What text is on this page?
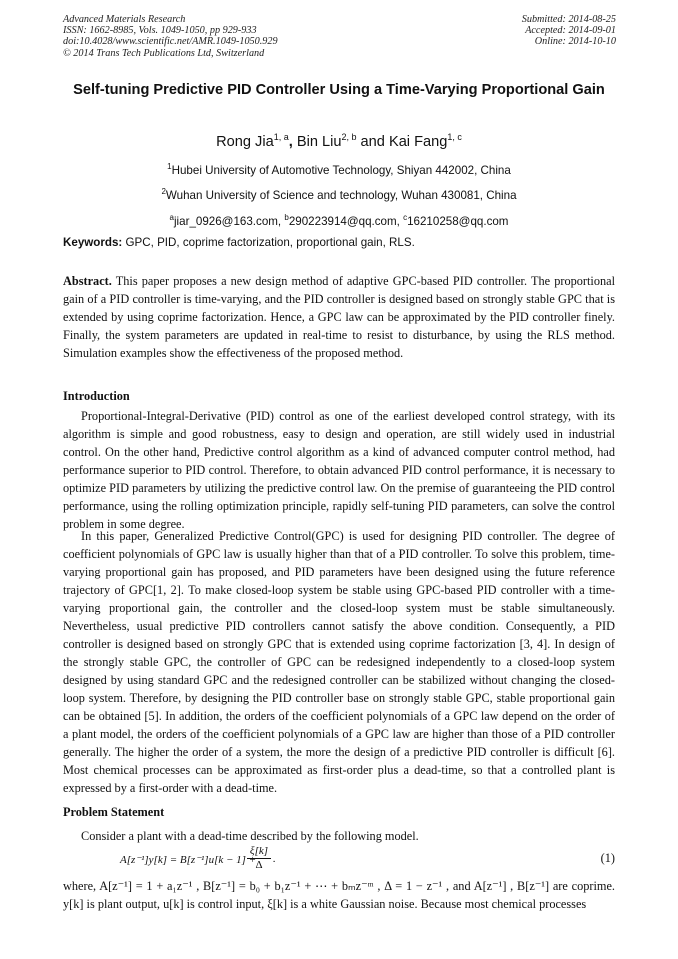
Advanced Materials Research
ISSN: 1662-8985, Vols. 1049-1050, pp 929-933
doi:10.4028/www.scientific.net/AMR.1049-1050.929
© 2014 Trans Tech Publications Ltd, Switzerland
Submitted: 2014-08-25
Accepted: 2014-09-01
Online: 2014-10-10
Self-tuning Predictive PID Controller Using a Time-Varying Proportional Gain
Rong Jia$^{1, a}$, Bin Liu$^{2, b}$ and Kai Fang$^{1, c}$
$^1$Hubei University of Automotive Technology, Shiyan 442002, China
$^2$Wuhan University of Science and technology, Wuhan 430081, China
$^a$jiar_0926@163.com, $^b$290223914@qq.com, $^c$16210258@qq.com
Keywords: GPC, PID, coprime factorization, proportional gain, RLS.
Abstract. This paper proposes a new design method of adaptive GPC-based PID controller. The proportional gain of a PID controller is time-varying, and the PID controller is designed based on strongly stable GPC that is extended by using coprime factorization. Hence, a GPC law can be approximated by the PID controller finely. Finally, the system parameters are updated in real-time to resist to disturbance, by using the RLS method. Simulation examples show the effectiveness of the proposed method.
Introduction
Proportional-Integral-Derivative (PID) control as one of the earliest developed control strategy, with its algorithm is simple and good robustness, easy to design and operation, are still widely used in industrial control. On the other hand, Predictive control algorithm as a kind of advanced computer control method, had performance superior to PID control. Therefore, to obtain advanced PID control performance, it is necessary to optimize PID parameters by utilizing the predictive control law. On the premise of guaranteeing the PID control performance, using the rolling optimization principle, rapidly self-tuning PID parameters, can solve the control problem in some degree.
In this paper, Generalized Predictive Control(GPC) is used for designing PID controller. The degree of coefficient polynomials of GPC law is usually higher than that of a PID controller. To solve this problem, time-varying proportional gain has proposed, and PID parameters have been designed using the future reference trajectory of GPC[1, 2]. To make closed-loop system be stable using GPC-based PID controller with a time-varying proportional gain, the controller and the closed-loop system must be stable simultaneously. Nevertheless, usual predictive PID controllers cannot satisfy the above condition. Consequently, a PID controller is designed based on strongly GPC that is extended using coprime factorization [3, 4]. In design of the strongly stable GPC, the controller of GPC can be redesigned independently to a closed-loop system designed by using standard GPC and the redesigned controller can be stabilized without changing the closed-loop system. Therefore, by designing the PID controller base on strongly stable GPC, stable proportional gain can be obtained [5]. In addition, the orders of the coefficient polynomials of a GPC law depend on the order of a plant model, the orders of the coefficient polynomials of a GPC law are higher than those of a PID controller generally. The higher the order of a system, the more the design of a predictive PID controller is difficult [6]. Most chemical processes can be approximated as first-order plus a dead-time, so that a controlled plant is expressed by a first-order with a dead-time.
Problem Statement
Consider a plant with a dead-time described by the following model.
A[z⁻¹]y[k] = B[z⁻¹]u[k − 1] +
$\frac{\xi[k]}{\Delta}$ .	(1)
where, A[z⁻¹] = 1 + a₁z⁻¹ , B[z⁻¹] = b₀ + b₁z⁻¹ + ⋯ + bₘz⁻ᵐ , Δ = 1 − z⁻¹ , and A[z⁻¹] , B[z⁻¹] are coprime. y[k] is plant output, u[k] is control input, ξ[k] is a white Gaussian noise. Because most chemical processes
